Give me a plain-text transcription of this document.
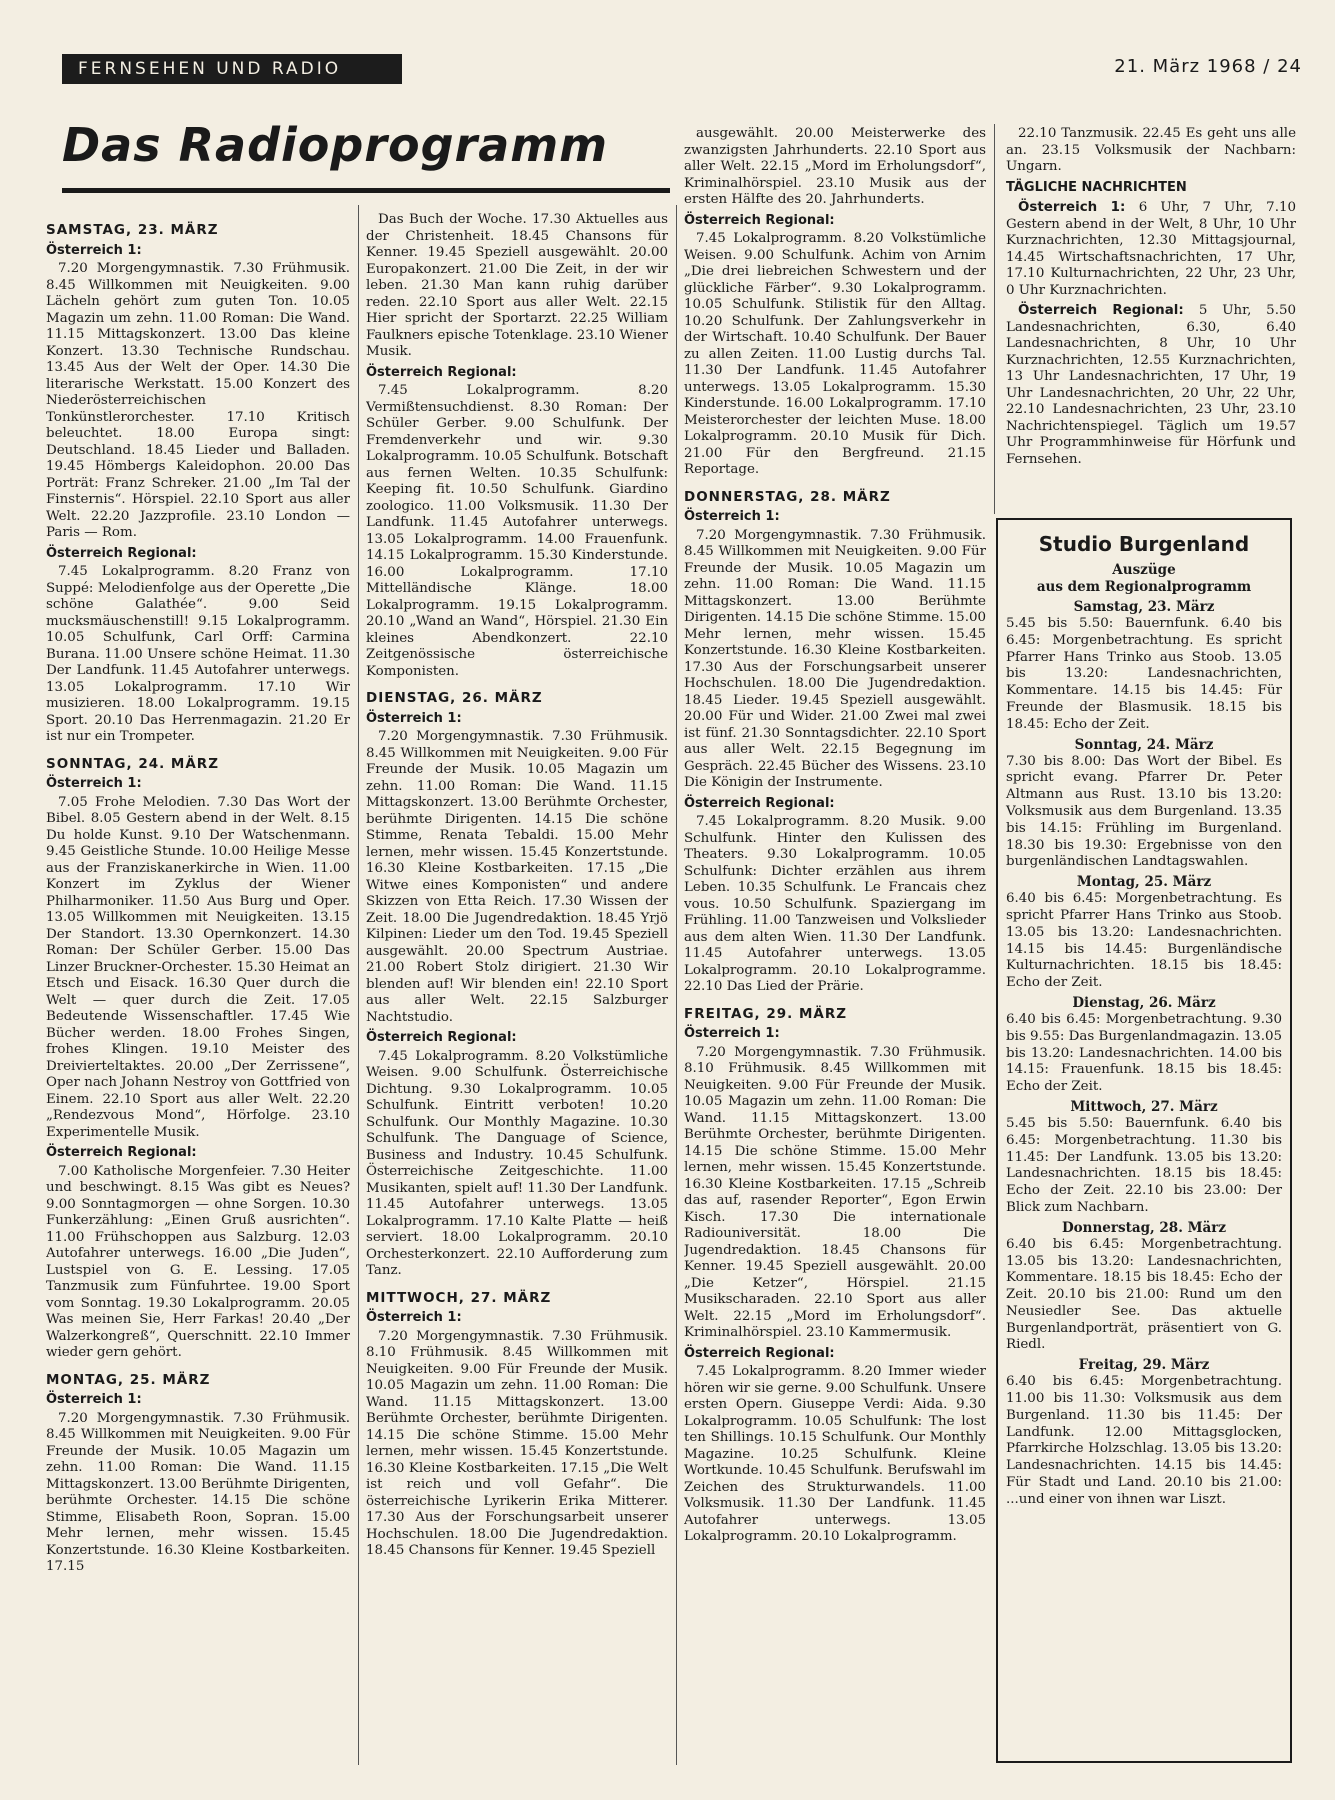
FERNSEHEN UND RADIO	21. März 1968 / 24
Das Radioprogramm
SAMSTAG, 23. MÄRZ
Österreich 1:

7.20 Morgengymnastik. 7.30 Frühmusik. 8.45 Willkommen mit Neuigkeiten. 9.00 Lächeln gehört zum guten Ton. 10.05 Magazin um zehn. 11.00 Roman: Die Wand. 11.15 Mittagskonzert. 13.00 Das kleine Konzert. 13.30 Technische Rundschau. 13.45 Aus der Welt der Oper. 14.30 Die literarische Werkstatt. 15.00 Konzert des Niederösterreichischen Tonkünstlerorchester. 17.10 Kritisch beleuchtet. 18.00 Europa singt: Deutschland. 18.45 Lieder und Balladen. 19.45 Hömbergs Kaleidophon. 20.00 Das Porträt: Franz Schreker. 21.00 „Im Tal der Finsternis“. Hörspiel. 22.10 Sport aus aller Welt. 22.20 Jazzprofile. 23.10 London — Paris — Rom.

Österreich Regional:

7.45 Lokalprogramm. 8.20 Franz von Suppé: Melodienfolge aus der Operette „Die schöne Galathée“. 9.00 Seid mucksmäuschenstill! 9.15 Lokalprogramm. 10.05 Schulfunk, Carl Orff: Carmina Burana. 11.00 Unsere schöne Heimat. 11.30 Der Landfunk. 11.45 Autofahrer unterwegs. 13.05 Lokalprogramm. 17.10 Wir musizieren. 18.00 Lokalprogramm. 19.15 Sport. 20.10 Das Herrenmagazin. 21.20 Er ist nur ein Trompeter.

SONNTAG, 24. MÄRZ
Österreich 1:

7.05 Frohe Melodien. 7.30 Das Wort der Bibel. 8.05 Gestern abend in der Welt. 8.15 Du holde Kunst. 9.10 Der Watschenmann. 9.45 Geistliche Stunde. 10.00 Heilige Messe aus der Franziskanerkirche in Wien. 11.00 Konzert im Zyklus der Wiener Philharmoniker. 11.50 Aus Burg und Oper. 13.05 Willkommen mit Neuigkeiten. 13.15 Der Standort. 13.30 Opernkonzert. 14.30 Roman: Der Schüler Gerber. 15.00 Das Linzer Bruckner-Orchester. 15.30 Heimat an Etsch und Eisack. 16.30 Quer durch die Welt — quer durch die Zeit. 17.05 Bedeutende Wissenschaftler. 17.45 Wie Bücher werden. 18.00 Frohes Singen, frohes Klingen. 19.10 Meister des Dreivierteltaktes. 20.00 „Der Zerrissene“, Oper nach Johann Nestroy von Gottfried von Einem. 22.10 Sport aus aller Welt. 22.20 „Rendezvous Mond“, Hörfolge. 23.10 Experimentelle Musik.

Österreich Regional:

7.00 Katholische Morgenfeier. 7.30 Heiter und beschwingt. 8.15 Was gibt es Neues? 9.00 Sonntagmorgen — ohne Sorgen. 10.30 Funkerzählung: „Einen Gruß ausrichten“. 11.00 Frühschoppen aus Salzburg. 12.03 Autofahrer unterwegs. 16.00 „Die Juden“, Lustspiel von G. E. Lessing. 17.05 Tanzmusik zum Fünfuhrtee. 19.00 Sport vom Sonntag. 19.30 Lokalprogramm. 20.05 Was meinen Sie, Herr Farkas! 20.40 „Der Walzerkongreß“, Querschnitt. 22.10 Immer wieder gern gehört.

MONTAG, 25. MÄRZ
Österreich 1:

7.20 Morgengymnastik. 7.30 Frühmusik. 8.45 Willkommen mit Neuigkeiten. 9.00 Für Freunde der Musik. 10.05 Magazin um zehn. 11.00 Roman: Die Wand. 11.15 Mittagskonzert. 13.00 Berühmte Dirigenten, berühmte Orchester. 14.15 Die schöne Stimme, Elisabeth Roon, Sopran. 15.00 Mehr lernen, mehr wissen. 15.45 Konzertstunde. 16.30 Kleine Kostbarkeiten. 17.15

Das Buch der Woche. 17.30 Aktuelles aus der Christenheit. 18.45 Chansons für Kenner. 19.45 Speziell ausgewählt. 20.00 Europakonzert. 21.00 Die Zeit, in der wir leben. 21.30 Man kann ruhig darüber reden. 22.10 Sport aus aller Welt. 22.15 Hier spricht der Sportarzt. 22.25 William Faulkners epische Totenklage. 23.10 Wiener Musik.

Österreich Regional:

7.45 Lokalprogramm. 8.20 Vermißtensuchdienst. 8.30 Roman: Der Schüler Gerber. 9.00 Schulfunk. Der Fremdenverkehr und wir. 9.30 Lokalprogramm. 10.05 Schulfunk. Botschaft aus fernen Welten. 10.35 Schulfunk: Keeping fit. 10.50 Schulfunk. Giardino zoologico. 11.00 Volksmusik. 11.30 Der Landfunk. 11.45 Autofahrer unterwegs. 13.05 Lokalprogramm. 14.00 Frauenfunk. 14.15 Lokalprogramm. 15.30 Kinderstunde. 16.00 Lokalprogramm. 17.10 Mittelländische Klänge. 18.00 Lokalprogramm. 19.15 Lokalprogramm. 20.10 „Wand an Wand“, Hörspiel. 21.30 Ein kleines Abendkonzert. 22.10 Zeitgenössische österreichische Komponisten.

DIENSTAG, 26. MÄRZ
Österreich 1:

7.20 Morgengymnastik. 7.30 Frühmusik. 8.45 Willkommen mit Neuigkeiten. 9.00 Für Freunde der Musik. 10.05 Magazin um zehn. 11.00 Roman: Die Wand. 11.15 Mittagskonzert. 13.00 Berühmte Orchester, berühmte Dirigenten. 14.15 Die schöne Stimme, Renata Tebaldi. 15.00 Mehr lernen, mehr wissen. 15.45 Konzertstunde. 16.30 Kleine Kostbarkeiten. 17.15 „Die Witwe eines Komponisten“ und andere Skizzen von Etta Reich. 17.30 Wissen der Zeit. 18.00 Die Jugendredaktion. 18.45 Yrjö Kilpinen: Lieder um den Tod. 19.45 Speziell ausgewählt. 20.00 Spectrum Austriae. 21.00 Robert Stolz dirigiert. 21.30 Wir blenden auf! Wir blenden ein! 22.10 Sport aus aller Welt. 22.15 Salzburger Nachtstudio.

Österreich Regional:

7.45 Lokalprogramm. 8.20 Volkstümliche Weisen. 9.00 Schulfunk. Österreichische Dichtung. 9.30 Lokalprogramm. 10.05 Schulfunk. Eintritt verboten! 10.20 Schulfunk. Our Monthly Magazine. 10.30 Schulfunk. The Danguage of Science, Business and Industry. 10.45 Schulfunk. Österreichische Zeitgeschichte. 11.00 Musikanten, spielt auf! 11.30 Der Landfunk. 11.45 Autofahrer unterwegs. 13.05 Lokalprogramm. 17.10 Kalte Platte — heiß serviert. 18.00 Lokalprogramm. 20.10 Orchesterkonzert. 22.10 Aufforderung zum Tanz.

MITTWOCH, 27. MÄRZ
Österreich 1:

7.20 Morgengymnastik. 7.30 Frühmusik. 8.10 Frühmusik. 8.45 Willkommen mit Neuigkeiten. 9.00 Für Freunde der Musik. 10.05 Magazin um zehn. 11.00 Roman: Die Wand. 11.15 Mittagskonzert. 13.00 Berühmte Orchester, berühmte Dirigenten. 14.15 Die schöne Stimme. 15.00 Mehr lernen, mehr wissen. 15.45 Konzertstunde. 16.30 Kleine Kostbarkeiten. 17.15 „Die Welt ist reich und voll Gefahr“. Die österreichische Lyrikerin Erika Mitterer. 17.30 Aus der Forschungsarbeit unserer Hochschulen. 18.00 Die Jugendredaktion. 18.45 Chansons für Kenner. 19.45 Speziell

ausgewählt. 20.00 Meisterwerke des zwanzigsten Jahrhunderts. 22.10 Sport aus aller Welt. 22.15 „Mord im Erholungsdorf“, Kriminalhörspiel. 23.10 Musik aus der ersten Hälfte des 20. Jahrhunderts.

Österreich Regional:

7.45 Lokalprogramm. 8.20 Volkstümliche Weisen. 9.00 Schulfunk. Achim von Arnim „Die drei liebreichen Schwestern und der glückliche Färber“. 9.30 Lokalprogramm. 10.05 Schulfunk. Stilistik für den Alltag. 10.20 Schulfunk. Der Zahlungsverkehr in der Wirtschaft. 10.40 Schulfunk. Der Bauer zu allen Zeiten. 11.00 Lustig durchs Tal. 11.30 Der Landfunk. 11.45 Autofahrer unterwegs. 13.05 Lokalprogramm. 15.30 Kinderstunde. 16.00 Lokalprogramm. 17.10 Meisterorchester der leichten Muse. 18.00 Lokalprogramm. 20.10 Musik für Dich. 21.00 Für den Bergfreund. 21.15 Reportage.

DONNERSTAG, 28. MÄRZ
Österreich 1:

7.20 Morgengymnastik. 7.30 Frühmusik. 8.45 Willkommen mit Neuigkeiten. 9.00 Für Freunde der Musik. 10.05 Magazin um zehn. 11.00 Roman: Die Wand. 11.15 Mittagskonzert. 13.00 Berühmte Dirigenten. 14.15 Die schöne Stimme. 15.00 Mehr lernen, mehr wissen. 15.45 Konzertstunde. 16.30 Kleine Kostbarkeiten. 17.30 Aus der Forschungsarbeit unserer Hochschulen. 18.00 Die Jugendredaktion. 18.45 Lieder. 19.45 Speziell ausgewählt. 20.00 Für und Wider. 21.00 Zwei mal zwei ist fünf. 21.30 Sonntagsdichter. 22.10 Sport aus aller Welt. 22.15 Begegnung im Gespräch. 22.45 Bücher des Wissens. 23.10 Die Königin der Instrumente.

Österreich Regional:

7.45 Lokalprogramm. 8.20 Musik. 9.00 Schulfunk. Hinter den Kulissen des Theaters. 9.30 Lokalprogramm. 10.05 Schulfunk: Dichter erzählen aus ihrem Leben. 10.35 Schulfunk. Le Francais chez vous. 10.50 Schulfunk. Spaziergang im Frühling. 11.00 Tanzweisen und Volkslieder aus dem alten Wien. 11.30 Der Landfunk. 11.45 Autofahrer unterwegs. 13.05 Lokalprogramm. 20.10 Lokalprogramme. 22.10 Das Lied der Prärie.

FREITAG, 29. MÄRZ
Österreich 1:

7.20 Morgengymnastik. 7.30 Frühmusik. 8.10 Frühmusik. 8.45 Willkommen mit Neuigkeiten. 9.00 Für Freunde der Musik. 10.05 Magazin um zehn. 11.00 Roman: Die Wand. 11.15 Mittagskonzert. 13.00 Berühmte Orchester, berühmte Dirigenten. 14.15 Die schöne Stimme. 15.00 Mehr lernen, mehr wissen. 15.45 Konzertstunde. 16.30 Kleine Kostbarkeiten. 17.15 „Schreib das auf, rasender Reporter“, Egon Erwin Kisch. 17.30 Die internationale Radiouniversität. 18.00 Die Jugendredaktion. 18.45 Chansons für Kenner. 19.45 Speziell ausgewählt. 20.00 „Die Ketzer“, Hörspiel. 21.15 Musikscharaden. 22.10 Sport aus aller Welt. 22.15 „Mord im Erholungsdorf“. Kriminalhörspiel. 23.10 Kammermusik.

Österreich Regional:

7.45 Lokalprogramm. 8.20 Immer wieder hören wir sie gerne. 9.00 Schulfunk. Unsere ersten Opern. Giuseppe Verdi: Aida. 9.30 Lokalprogramm. 10.05 Schulfunk: The lost ten Shillings. 10.15 Schulfunk. Our Monthly Magazine. 10.25 Schulfunk. Kleine Wortkunde. 10.45 Schulfunk. Berufswahl im Zeichen des Strukturwandels. 11.00 Volksmusik. 11.30 Der Landfunk. 11.45 Autofahrer unterwegs. 13.05 Lokalprogramm. 20.10 Lokalprogramm.

22.10 Tanzmusik. 22.45 Es geht uns alle an. 23.15 Volksmusik der Nachbarn: Ungarn.

TÄGLICHE NACHRICHTEN

Österreich 1: 6 Uhr, 7 Uhr, 7.10 Gestern abend in der Welt, 8 Uhr, 10 Uhr Kurznachrichten, 12.30 Mittagsjournal, 14.45 Wirtschaftsnachrichten, 17 Uhr, 17.10 Kulturnachrichten, 22 Uhr, 23 Uhr, 0 Uhr Kurznachrichten.

Österreich Regional: 5 Uhr, 5.50 Landesnachrichten, 6.30, 6.40 Landesnachrichten, 8 Uhr, 10 Uhr Kurznachrichten, 12.55 Kurznachrichten, 13 Uhr Landesnachrichten, 17 Uhr, 19 Uhr Landesnachrichten, 20 Uhr, 22 Uhr, 22.10 Landesnachrichten, 23 Uhr, 23.10 Nachrichtenspiegel. Täglich um 19.57 Uhr Programmhinweise für Hörfunk und Fernsehen.

Studio Burgenland

Auszüge

aus dem Regionalprogramm

Samstag, 23. März

5.45 bis 5.50: Bauernfunk. 6.40 bis 6.45: Morgenbetrachtung. Es spricht Pfarrer Hans Trinko aus Stoob. 13.05 bis 13.20: Landesnachrichten, Kommentare. 14.15 bis 14.45: Für Freunde der Blasmusik. 18.15 bis 18.45: Echo der Zeit.

Sonntag, 24. März

7.30 bis 8.00: Das Wort der Bibel. Es spricht evang. Pfarrer Dr. Peter Altmann aus Rust. 13.10 bis 13.20: Volksmusik aus dem Burgenland. 13.35 bis 14.15: Frühling im Burgenland. 18.30 bis 19.30: Ergebnisse von den burgenländischen Landtagswahlen.

Montag, 25. März

6.40 bis 6.45: Morgenbetrachtung. Es spricht Pfarrer Hans Trinko aus Stoob. 13.05 bis 13.20: Landesnachrichten. 14.15 bis 14.45: Burgenländische Kulturnachrichten. 18.15 bis 18.45: Echo der Zeit.

Dienstag, 26. März

6.40 bis 6.45: Morgenbetrachtung. 9.30 bis 9.55: Das Burgenlandmagazin. 13.05 bis 13.20: Landesnachrichten. 14.00 bis 14.15: Frauenfunk. 18.15 bis 18.45: Echo der Zeit.

Mittwoch, 27. März

5.45 bis 5.50: Bauernfunk. 6.40 bis 6.45: Morgenbetrachtung. 11.30 bis 11.45: Der Landfunk. 13.05 bis 13.20: Landesnachrichten. 18.15 bis 18.45: Echo der Zeit. 22.10 bis 23.00: Der Blick zum Nachbarn.

Donnerstag, 28. März

6.40 bis 6.45: Morgenbetrachtung. 13.05 bis 13.20: Landesnachrichten, Kommentare. 18.15 bis 18.45: Echo der Zeit. 20.10 bis 21.00: Rund um den Neusiedler See. Das aktuelle Burgenlandporträt, präsentiert von G. Riedl.

Freitag, 29. März

6.40 bis 6.45: Morgenbetrachtung. 11.00 bis 11.30: Volksmusik aus dem Burgenland. 11.30 bis 11.45: Der Landfunk. 12.00 Mittagsglocken, Pfarrkirche Holzschlag. 13.05 bis 13.20: Landesnachrichten. 14.15 bis 14.45: Für Stadt und Land. 20.10 bis 21.00: ...und einer von ihnen war Liszt.
